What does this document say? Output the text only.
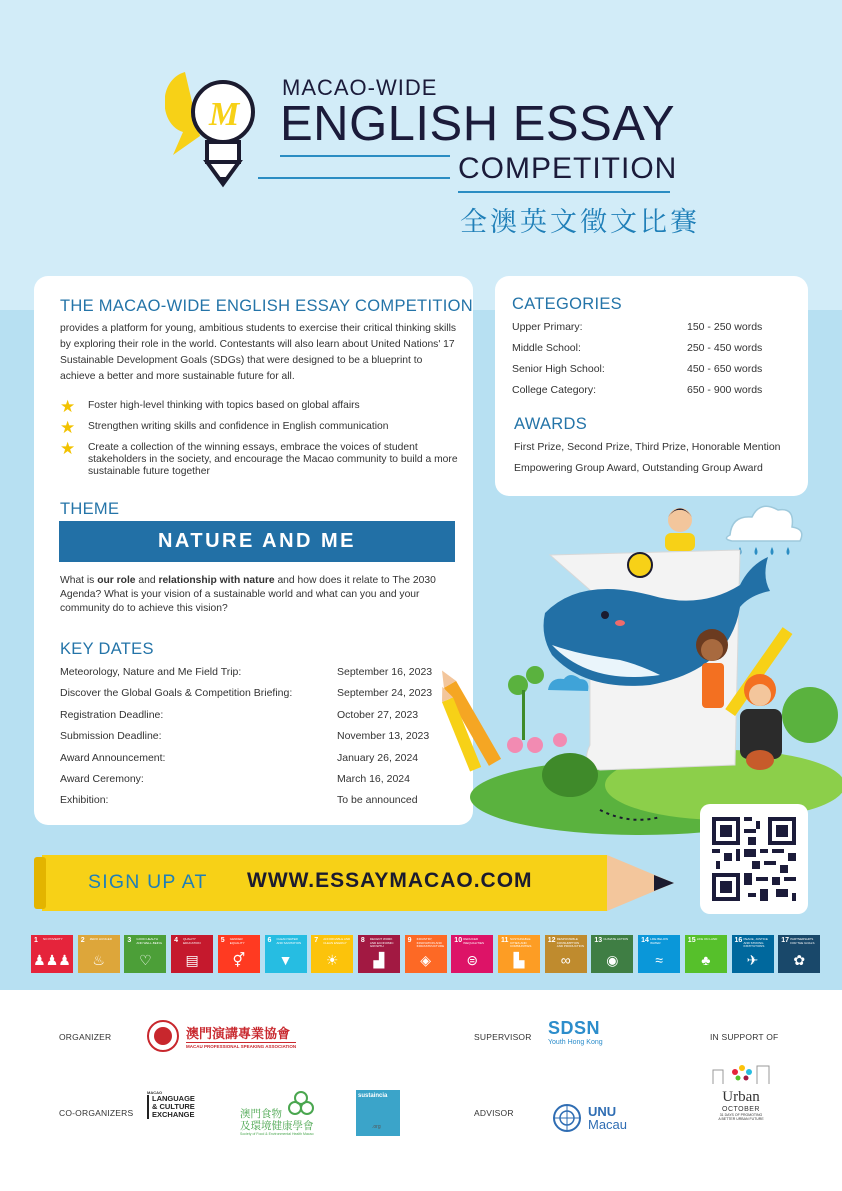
M
MACAO-WIDE
ENGLISH ESSAY
COMPETITION
全澳英文徵文比賽
THE MACAO-WIDE ENGLISH ESSAY COMPETITION
provides a platform for young, ambitious students to exercise their critical thinking skills by exploring their role in the world. Contestants will also learn about United Nations' 17 Sustainable Development Goals (SDGs) that were designed to be a blueprint to achieve a better and more sustainable future for all.
★ Foster high-level thinking with topics based on global affairs
★ Strengthen writing skills and confidence in English communication
★ Create a collection of the winning essays, embrace the voices of student stakeholders in the society, and encourage the Macao community to build a more sustainable future together
THEME
NATURE AND ME
What is our role and relationship with nature and how does it relate to The 2030 Agenda? What is your vision of a sustainable world and what can you and your community do to achieve this vision?
KEY DATES
Meteorology, Nature and Me Field Trip:	September 16, 2023
Discover the Global Goals & Competition Briefing:	September 24, 2023
Registration Deadline:	October 27, 2023
Submission Deadline:	November 13, 2023
Award Announcement:	January 26, 2024
Award Ceremony:	March 16, 2024
Exhibition:	To be announced
CATEGORIES
Upper Primary:	150 - 250 words
Middle School:	250 - 450 words
Senior High School:	450 - 650 words
College Category:	650 - 900 words
AWARDS
First Prize, Second Prize, Third Prize, Honorable Mention
Empowering Group Award, Outstanding Group Award
SIGN UP AT WWW.ESSAYMACAO.COM
1 NO POVERTY
♟♟♟
2 ZERO HUNGER
♨
3 GOOD HEALTH AND WELL-BEING
♡
4 QUALITY EDUCATION
▤
5 GENDER EQUALITY
⚥
6 CLEAN WATER AND SANITATION
▼
7 AFFORDABLE AND CLEAN ENERGY
☀
8 DECENT WORK AND ECONOMIC GROWTH
▟
9 INDUSTRY, INNOVATION AND INFRASTRUCTURE
◈
10 REDUCED INEQUALITIES
⊜
11 SUSTAINABLE CITIES AND COMMUNITIES
▙
12 RESPONSIBLE CONSUMPTION AND PRODUCTION
∞
13 CLIMATE ACTION
◉
14 LIFE BELOW WATER
≈
15 LIFE ON LAND
♣
16 PEACE, JUSTICE AND STRONG INSTITUTIONS
✈
17 PARTNERSHIPS FOR THE GOALS
✿
ORGANIZER	澳門演講專業協會
MACAU PROFESSIONAL SPEAKING ASSOCIATION
SUPERVISOR SDSN
Youth Hong Kong
IN SUPPORT OF
CO-ORGANIZERS
MACAO
LANGUAGE
& CULTURE
EXCHANGE	澳門食物
及環境健康學會
Society of Food & Environmental Health Macao
sustaincia
.org
ADVISOR	UNU
Macau
Urban
OCTOBER
31 DAYS OF PROMOTING
A BETTER URBAN FUTURE
